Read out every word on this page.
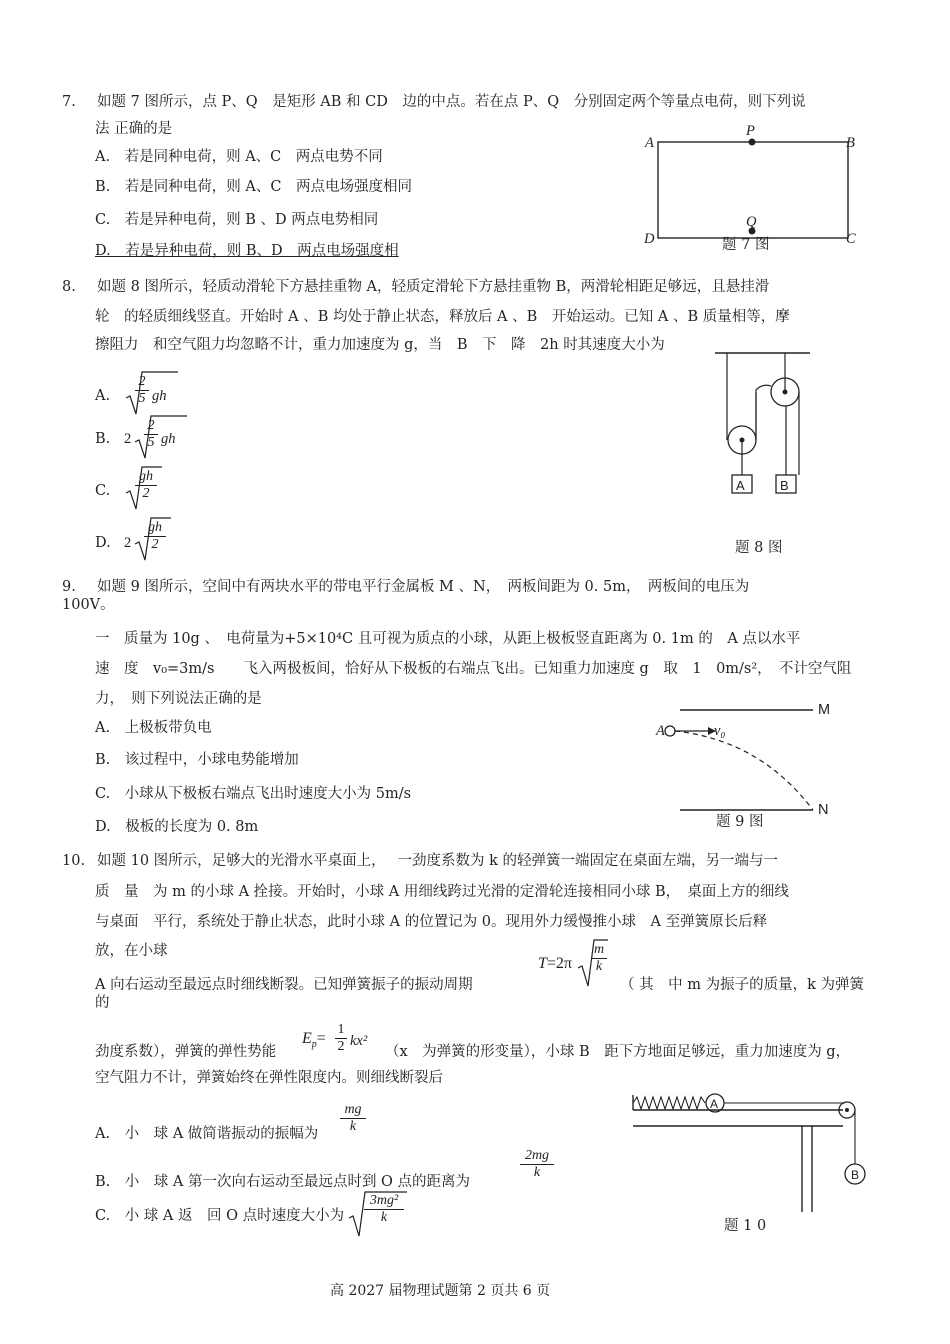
7. 如题 7 图所示，点 P、Q　是矩形 AB 和 CD　边的中点。若在点 P、Q　分别固定两个等量点电荷，则下列说
法 正确的是
A.　若是同种电荷，则 A、C　两点电势不同
B.　若是同种电荷，则 A、C　两点电场强度相同
C.　若是异种电荷，则 B 、D 两点电势相同
D.　若是异种电荷，则 B、D　两点电场强度相
A
P
B
D
Q
C
题 7 图
8. 如题 8 图所示，轻质动滑轮下方悬挂重物 A，轻质定滑轮下方悬挂重物 B，两滑轮相距足够远，且悬挂滑
轮　的轻质细线竖直。开始时 A 、B 均处于静止状态，释放后 A 、B　开始运动。已知 A 、B 质量相等，摩
擦阻力　和空气阻力均忽略不计，重力加速度为 g，当　B　下　降　2h 时其速度大小为
A. $\frac{2}{5}$ gh
B. $2 \frac{2}{5}$ gh
C. $\frac{gh}{2}$
D. $2 \frac{gh}{2}$
A	B
题 8 图
9. 如题 9 图所示，空间中有两块水平的带电平行金属板 M 、N，　两板间距为 0. 5m，　两板间的电压为
100V。
一　质量为 10g 、　电荷量为+5×10⁴C 且可视为质点的小球，从距上极板竖直距离为 0. 1m 的　A 点以水平
速　度　v₀=3m/s　　飞入两极板间，恰好从下极板的右端点飞出。已知重力加速度 g　取　1　0m/s²，　不计空气阻
力，　则下列说法正确的是
A.　上极板带负电
B.　该过程中，小球电势能增加
C.　小球从下极板右端点飞出时速度大小为 5m/s
D.　极板的长度为 0. 8m
A	v₀
M
N
题 9 图
10. 如题 10 图所示，足够大的光滑水平桌面上，　 一劲度系数为 k 的轻弹簧一端固定在桌面左端，另一端与一
质　量　为 m 的小球 A 拴接。开始时，小球 A 用细线跨过光滑的定滑轮连接相同小球 B，　桌面上方的细线
与桌面　平行，系统处于静止状态，此时小球 A 的位置记为 0。现用外力缓慢推小球　A 至弹簧原长后释
放，在小球
A 向右运动至最远点时细线断裂。已知弹簧振子的振动周期
$T=2\pi \frac{m}{k}$
（ 其　中 m 为振子的质量，k 为弹簧
的
劲度系数），弹簧的弹性势能
$E_p= \frac{1}{2} kx^2$
（x　为弹簧的形变量），小球 B　距下方地面足够远，重力加速度为 g，
空气阻力不计，弹簧始终在弹性限度内。则细线断裂后
A.　小　球 A 做简谐振动的振幅为 $\frac{mg}{k}$
B.　小　球 A 第一次向右运动至最远点时到 O 点的距离为
$\frac{2mg}{k}$
C.　小 球 A 返　回 O 点时速度大小为 $\frac{\text{3mg²}}{k}$
A
B
题 1 0
高 2027 届物理试题第 2 页共 6 页
